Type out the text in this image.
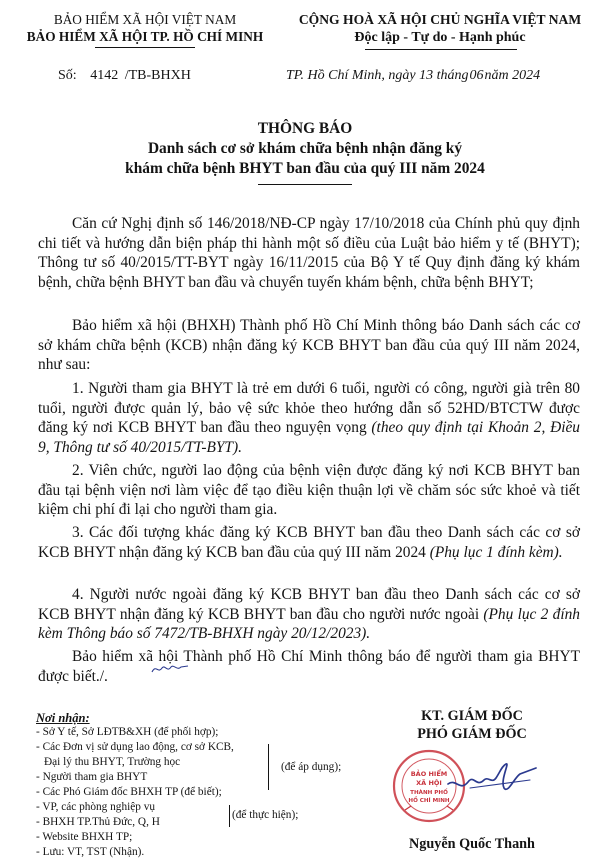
BẢO HIỂM XÃ HỘI VIỆT NAM
BẢO HIỂM XÃ HỘI TP. HỒ CHÍ MINH
Số: 4142 /TB-BHXH
CỘNG HOÀ XÃ HỘI CHỦ NGHĨA VIỆT NAM
Độc lập - Tự do - Hạnh phúc
TP. Hồ Chí Minh, ngày 13 tháng06năm 2024
THÔNG BÁO
Danh sách cơ sở khám chữa bệnh nhận đăng ký
khám chữa bệnh BHYT ban đầu của quý III năm 2024

Căn cứ Nghị định số 146/2018/NĐ-CP ngày 17/10/2018 của Chính phủ quy định chi tiết và hướng dẫn biện pháp thi hành một số điều của Luật bảo hiểm y tế (BHYT); Thông tư số 40/2015/TT-BYT ngày 16/11/2015 của Bộ Y tế Quy định đăng ký khám bệnh, chữa bệnh BHYT ban đầu và chuyển tuyến khám bệnh, chữa bệnh BHYT;

Bảo hiểm xã hội (BHXH) Thành phố Hồ Chí Minh thông báo Danh sách các cơ sở khám chữa bệnh (KCB) nhận đăng ký KCB BHYT ban đầu của quý III năm 2024, như sau:

1. Người tham gia BHYT là trẻ em dưới 6 tuổi, người có công, người già trên 80 tuổi, người được quản lý, bảo vệ sức khỏe theo hướng dẫn số 52HD/BTCTW được đăng ký nơi KCB BHYT ban đầu theo nguyện vọng (theo quy định tại Khoản 2, Điều 9, Thông tư số 40/2015/TT-BYT).

2. Viên chức, người lao động của bệnh viện được đăng ký nơi KCB BHYT ban đầu tại bệnh viện nơi làm việc để tạo điều kiện thuận lợi về chăm sóc sức khoẻ và tiết kiệm chi phí đi lại cho người tham gia.

3. Các đối tượng khác đăng ký KCB BHYT ban đầu theo Danh sách các cơ sở KCB BHYT nhận đăng ký KCB ban đầu của quý III năm 2024 (Phụ lục 1 đính kèm).

4. Người nước ngoài đăng ký KCB BHYT ban đầu theo Danh sách các cơ sở KCB BHYT nhận đăng ký KCB BHYT ban đầu cho người nước ngoài (Phụ lục 2 đính kèm Thông báo số 7472/TB-BHXH ngày 20/12/2023).

Bảo hiểm xã hội Thành phố Hồ Chí Minh thông báo để người tham gia BHYT được biết./.

Nơi nhận:
- Sở Y tế, Sở LĐTB&XH (để phối hợp);
- Các Đơn vị sử dụng lao động, cơ sở KCB,
Đại lý thu BHYT, Trường học
- Người tham gia BHYT
- Các Phó Giám đốc BHXH TP (để biết);
- VP, các phòng nghiệp vụ
- BHXH TP.Thủ Đức, Q, H
- Website BHXH TP;
- Lưu: VT, TST (Nhận).
(để áp dụng);
(để thực hiện);
KT. GIÁM ĐỐC
PHÓ GIÁM ĐỐC
BẢO HIỂM
XÃ HỘI
THÀNH PHỐ
HỒ CHÍ MINH
Nguyễn Quốc Thanh
